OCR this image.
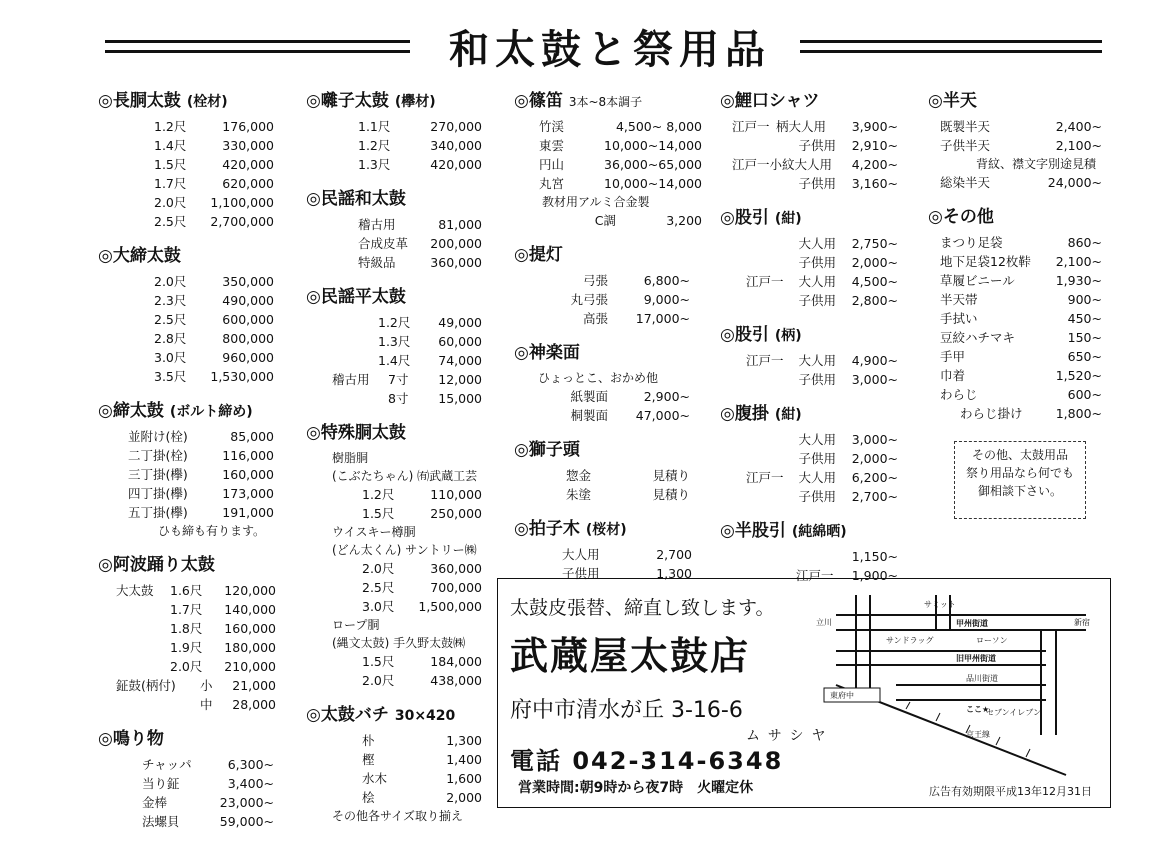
和太鼓と祭用品
◎長胴太鼓 (栓材)
1.2尺	176,000
1.4尺	330,000
1.5尺	420,000
1.7尺	620,000
2.0尺	1,100,000
2.5尺	2,700,000
◎大締太鼓
2.0尺	350,000
2.3尺	490,000
2.5尺	600,000
2.8尺	800,000
3.0尺	960,000
3.5尺	1,530,000
◎締太鼓 (ボルト締め)
並附け(栓)	85,000
二丁掛(栓)	116,000
三丁掛(欅)	160,000
四丁掛(欅)	173,000
五丁掛(欅)	191,000
ひも締も有ります。
◎阿波踊り太鼓
大太鼓	1.6尺	120,000
1.7尺	140,000
1.8尺	160,000
1.9尺	180,000
2.0尺	210,000
鉦鼓(柄付)	小	21,000
中	28,000
◎鳴り物
チャッパ	6,300~
当り鉦	3,400~
金棒	23,000~
法螺貝	59,000~
◎囃子太鼓 (欅材)
1.1尺	270,000
1.2尺	340,000
1.3尺	420,000
◎民謡和太鼓
稽古用	81,000
合成皮革	200,000
特級品	360,000
◎民謡平太鼓
1.2尺	49,000
1.3尺	60,000
1.4尺	74,000
稽古用	7寸	12,000
8寸	15,000
◎特殊胴太鼓
樹脂胴
(こぶたちゃん) ㈲武蔵工芸
1.2尺	110,000
1.5尺	250,000
ウイスキー樽胴
(どん太くん) サントリー㈱
2.0尺	360,000
2.5尺	700,000
3.0尺	1,500,000
ロープ胴
(縄文太鼓) 手久野太鼓㈱
1.5尺	184,000
2.0尺	438,000
◎太鼓バチ 30×420
朴	1,300
樫	1,400
水木	1,600
桧	2,000
その他各サイズ取り揃え
◎篠笛 3本~8本調子
竹渓	4,500~ 8,000
東雲	10,000~14,000
円山	36,000~65,000
丸宮	10,000~14,000
教材用アルミ合金製
C調	3,200
◎提灯
弓張	6,800~
丸弓張	9,000~
高張	17,000~
◎神楽面
ひょっとこ、おかめ他
紙製面	2,900~
桐製面	47,000~
◎獅子頭
惣金	見積り
朱塗	見積り
◎拍子木 (桜材)
大人用	2,700
子供用	1,300
◎鯉口シャツ
江戸一 柄大人用	3,900~
子供用	2,910~
江戸一小紋大人用	4,200~
子供用	3,160~
◎股引 (紺)
大人用	2,750~
子供用	2,000~
江戸一	大人用	4,500~
子供用	2,800~
◎股引 (柄)
江戸一	大人用	4,900~
子供用	3,000~
◎腹掛 (紺)
大人用	3,000~
子供用	2,000~
江戸一	大人用	6,200~
子供用	2,700~
◎半股引 (純綿晒)
1,150~
江戸一	1,900~
◎半天
既製半天	2,400~
子供半天	2,100~
背紋、襟文字別途見積
総染半天	24,000~
◎その他
まつり足袋	860~
地下足袋12枚鞐	2,100~
草履ビニール	1,930~
半天帯	900~
手拭い	450~
豆絞ハチマキ	150~
手甲	650~
巾着	1,520~
わらじ	600~
わらじ掛け	1,800~
その他、太鼓用品
祭り用品なら何でも
御相談下さい。
太鼓皮張替、締直し致します。
武蔵屋太鼓店
府中市清水が丘 3-16-6
ムサシヤ
電話 042-314-6348
営業時間:朝9時から夜7時　火曜定休	広告有効期限平成13年12月31日
サミット
立川	甲州街道	新宿
サンドラッグ	ローソン
旧甲州街道
品川街道
東府中
ここ★
セブンイレブン
京王線
